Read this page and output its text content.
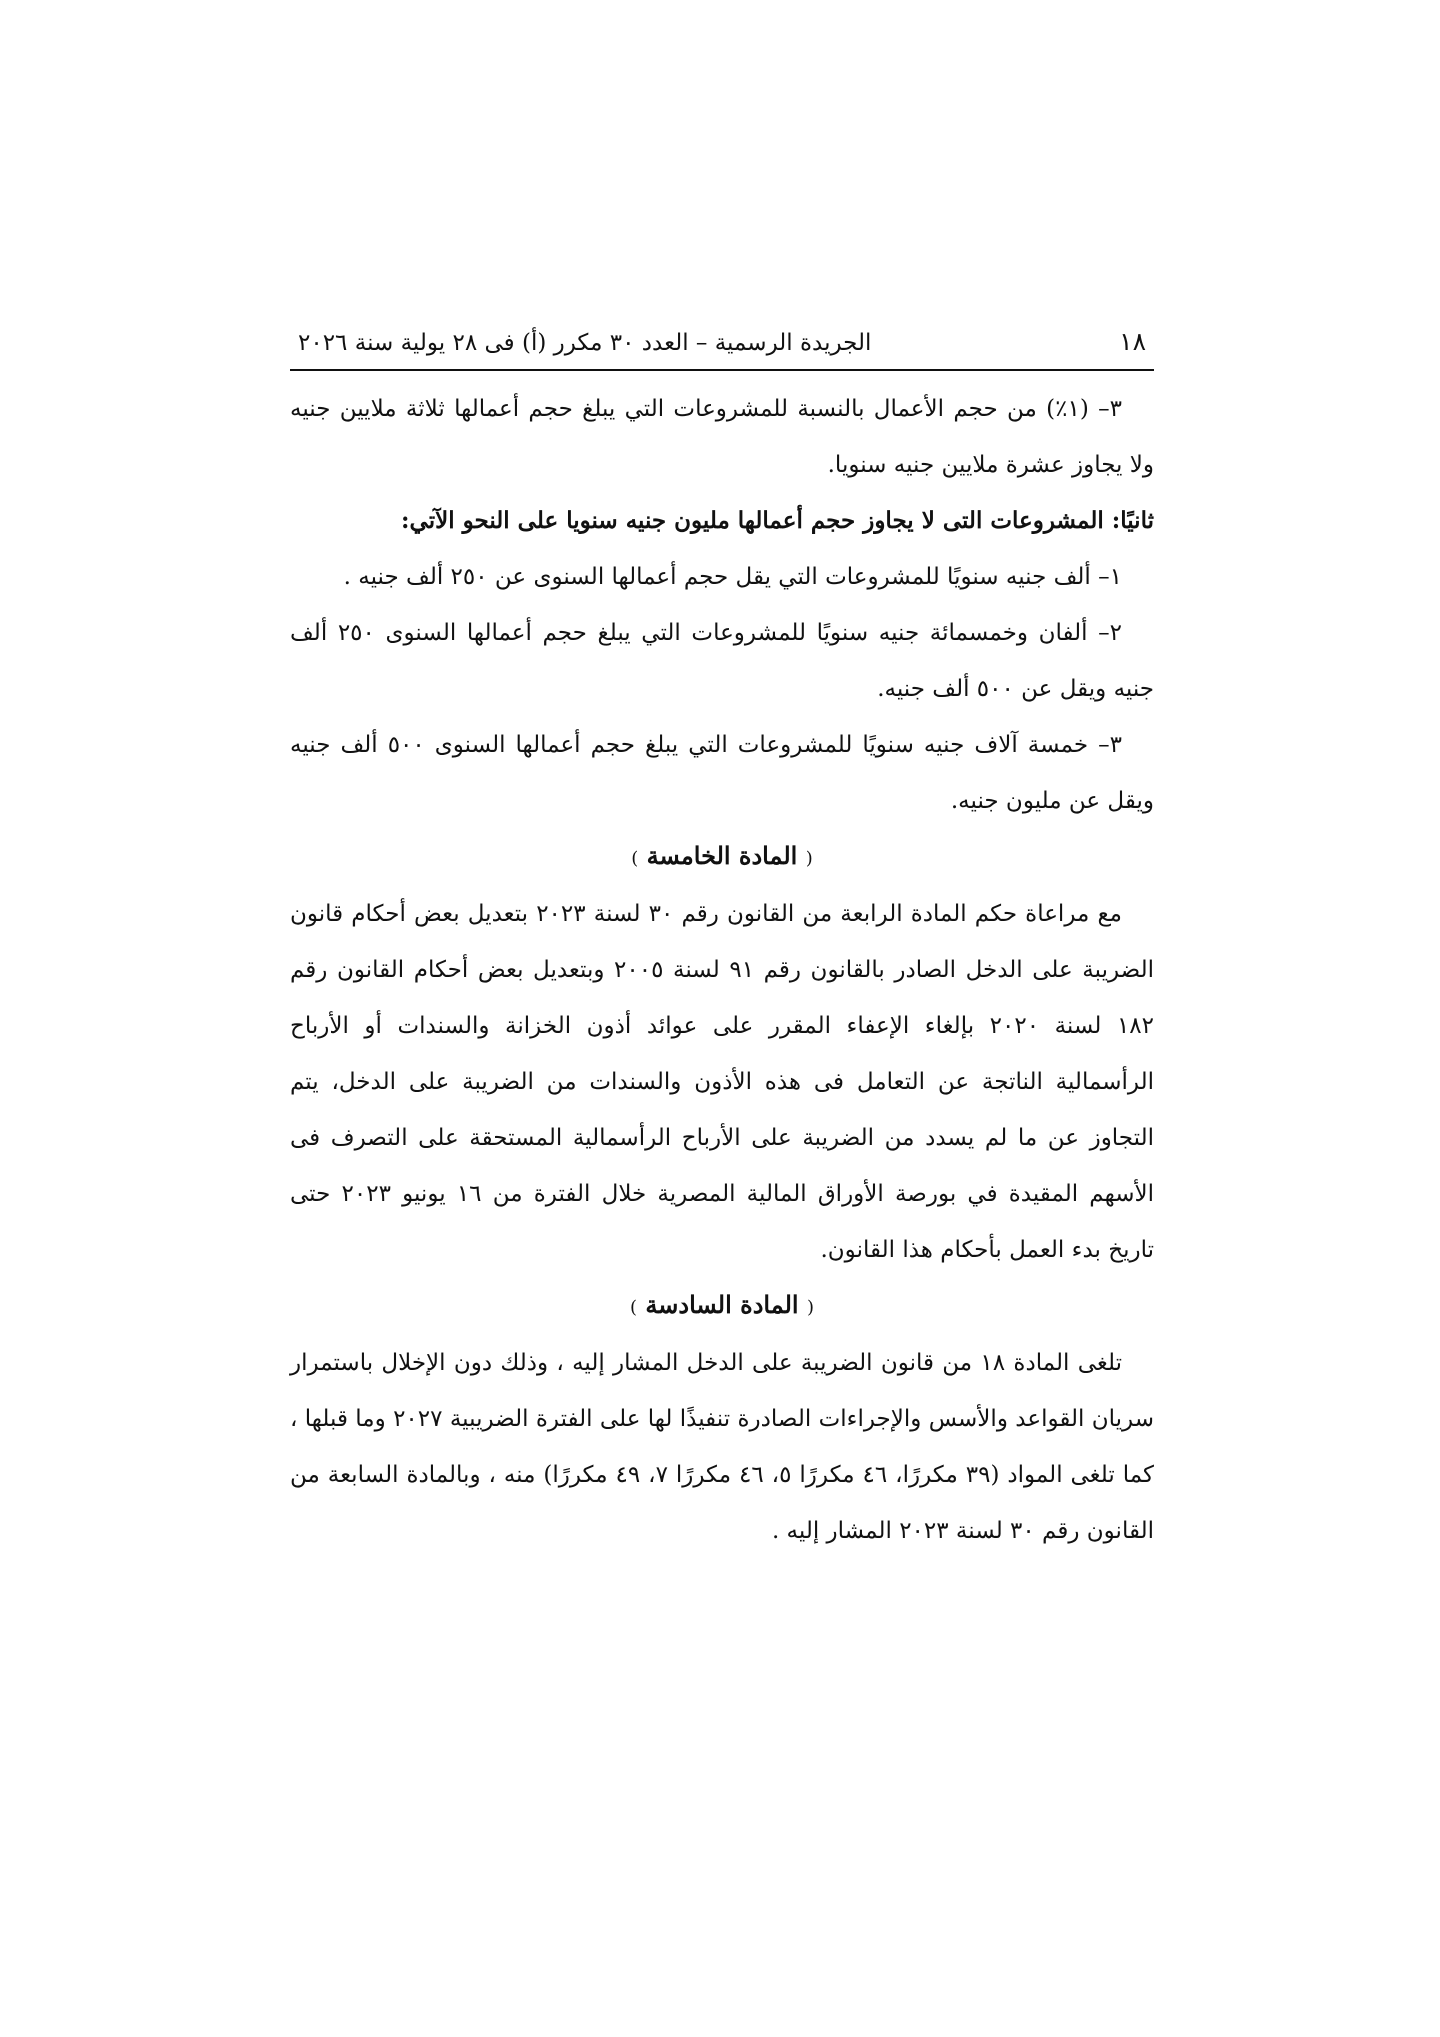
١٨
الجريدة الرسمية – العدد ٣٠ مكرر (أ) فى ٢٨ يولية سنة ٢٠٢٦

٣– (١٪) من حجم الأعمال بالنسبة للمشروعات التي يبلغ حجم أعمالها ثلاثة ملايين جنيه ولا يجاوز عشرة ملايين جنيه سنويا.

ثانيًا: المشروعات التى لا يجاوز حجم أعمالها مليون جنيه سنويا على النحو الآتي:

١– ألف جنيه سنويًا للمشروعات التي يقل حجم أعمالها السنوى عن ٢٥٠ ألف جنيه .

٢– ألفان وخمسمائة جنيه سنويًا للمشروعات التي يبلغ حجم أعمالها السنوى ٢٥٠ ألف جنيه ويقل عن ٥٠٠ ألف جنيه.

٣– خمسة آلاف جنيه سنويًا للمشروعات التي يبلغ حجم أعمالها السنوى ٥٠٠ ألف جنيه ويقل عن مليون جنيه.

( المادة الخامسة )

مع مراعاة حكم المادة الرابعة من القانون رقم ٣٠ لسنة ٢٠٢٣ بتعديل بعض أحكام قانون الضريبة على الدخل الصادر بالقانون رقم ٩١ لسنة ٢٠٠٥ وبتعديل بعض أحكام القانون رقم ١٨٢ لسنة ٢٠٢٠ بإلغاء الإعفاء المقرر على عوائد أذون الخزانة والسندات أو الأرباح الرأسمالية الناتجة عن التعامل فى هذه الأذون والسندات من الضريبة على الدخل، يتم التجاوز عن ما لم يسدد من الضريبة على الأرباح الرأسمالية المستحقة على التصرف فى الأسهم المقيدة في بورصة الأوراق المالية المصرية خلال الفترة من ١٦ يونيو ٢٠٢٣ حتى تاريخ بدء العمل بأحكام هذا القانون.

( المادة السادسة )

تلغى المادة ١٨ من قانون الضريبة على الدخل المشار إليه ، وذلك دون الإخلال باستمرار سريان القواعد والأسس والإجراءات الصادرة تنفيذًا لها على الفترة الضريبية ٢٠٢٧ وما قبلها ، كما تلغى المواد (٣٩ مكررًا، ٤٦ مكررًا ٥، ٤٦ مكررًا ٧، ٤٩ مكررًا) منه ، وبالمادة السابعة من القانون رقم ٣٠ لسنة ٢٠٢٣ المشار إليه .
